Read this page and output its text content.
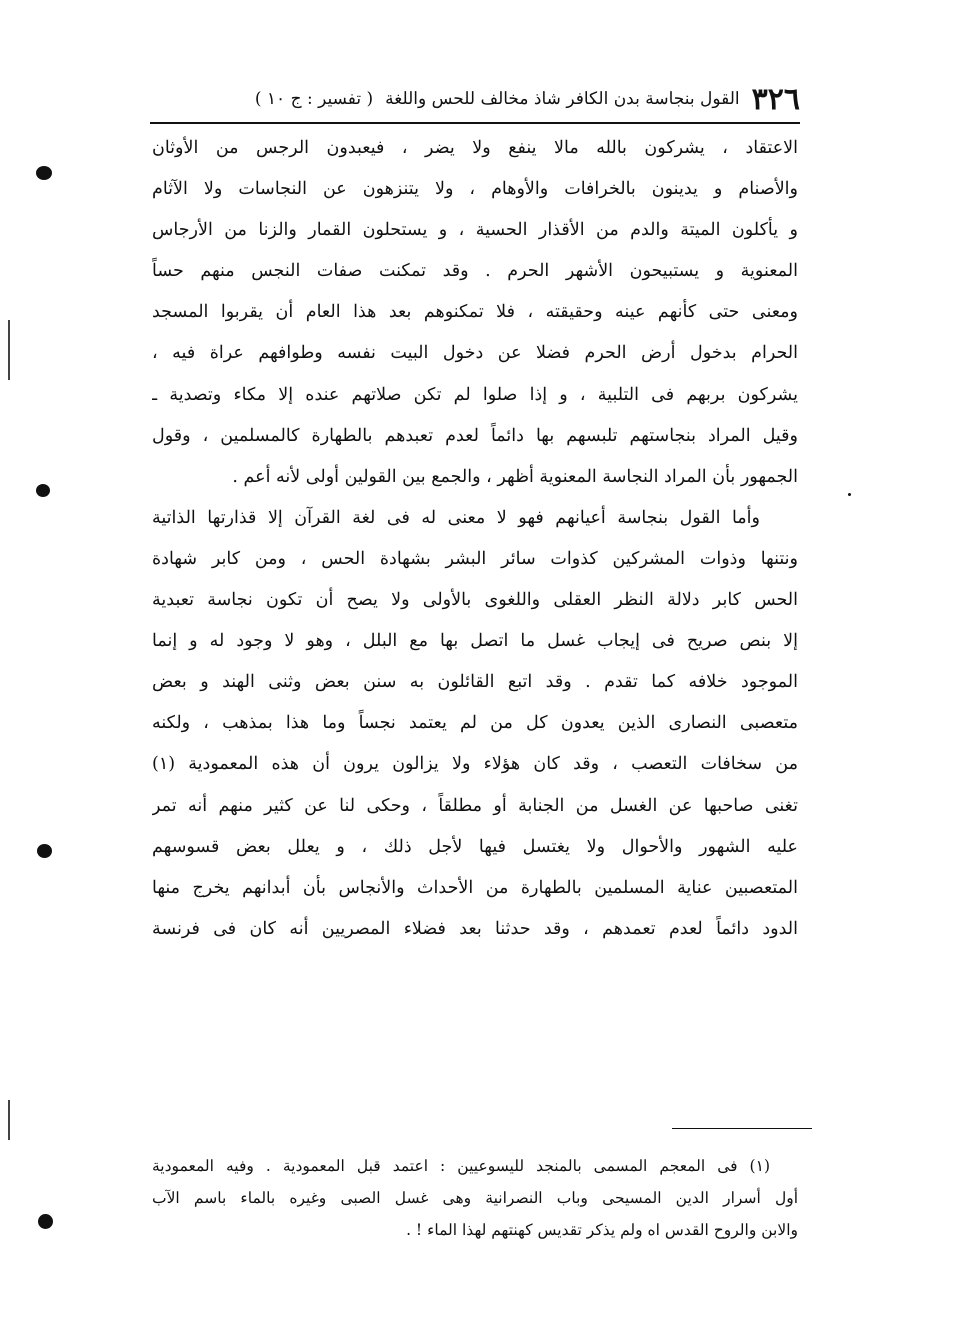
٣٢٦
القول بنجاسة بدن الكافر شاذ مخالف للحس واللغة
( تفسير : ج ١٠ )
الاعتقاد ، يشركون بالله مالا ينفع ولا يضر ، فيعبدون الرجس من الأوثان
والأصنام و يدينون بالخرافات والأوهام ، ولا يتنزهون عن النجاسات ولا الآثام
و يأكلون الميتة والدم من الأقذار الحسية ، و يستحلون القمار والزنا من الأرجاس
المعنوية و يستبيحون الأشهر الحرم . وقد تمكنت صفات النجس منهم حساً
ومعنى حتى كأنهم عينه وحقيقته ، فلا تمكنوهم بعد هذا العام أن يقربوا المسجد
الحرام بدخول أرض الحرم فضلا عن دخول البيت نفسه وطوافهم عراة فيه ،
يشركون بربهم فى التلبية ، و إذا صلوا لم تكن صلاتهم عنده إلا مكاء وتصدية ـ
وقيل المراد بنجاستهم تلبسهم بها دائماً لعدم تعبدهم بالطهارة كالمسلمين ، وقول
الجمهور بأن المراد النجاسة المعنوية أظهر ، والجمع بين القولين أولى لأنه أعم .
وأما القول بنجاسة أعيانهم فهو لا معنى له فى لغة القرآن إلا قذارتها الذاتية
ونتنها وذوات المشركين كذوات سائر البشر بشهادة الحس ، ومن كابر شهادة
الحس كابر دلالة النظر العقلى واللغوى بالأولى ولا يصح أن تكون نجاسة تعبدية
إلا بنص صريح فى إيجاب غسل ما اتصل بها مع البلل ، وهو لا وجود له و إنما
الموجود خلافه كما تقدم . وقد اتبع القائلون به سنن بعض وثنى الهند و بعض
متعصبى النصارى الذين يعدون كل من لم يعتمد نجساً وما هذا بمذهب ، ولكنه
من سخافات التعصب ، وقد كان هؤلاء ولا يزالون يرون أن هذه المعمودية (١)
تغنى صاحبها عن الغسل من الجنابة أو مطلقاً ، وحكى لنا عن كثير منهم أنه تمر
عليه الشهور والأحوال ولا يغتسل فيها لأجل ذلك ، و يعلل بعض قسوسهم
المتعصبين عناية المسلمين بالطهارة من الأحداث والأنجاس بأن أبدانهم يخرج منها
الدود دائماً لعدم تعمدهم ، وقد حدثنا بعد فضلاء المصريين أنه كان فى فرنسة
(١) فى المعجم المسمى بالمنجد لليسوعيين : اعتمد قبل المعمودية . وفيه المعمودية
أول أسرار الدين المسيحى وباب النصرانية وهى غسل الصبى وغيره بالماء باسم الآب
والابن والروح القدس اه ولم يذكر تقديس كهنتهم لهذا الماء ! .
